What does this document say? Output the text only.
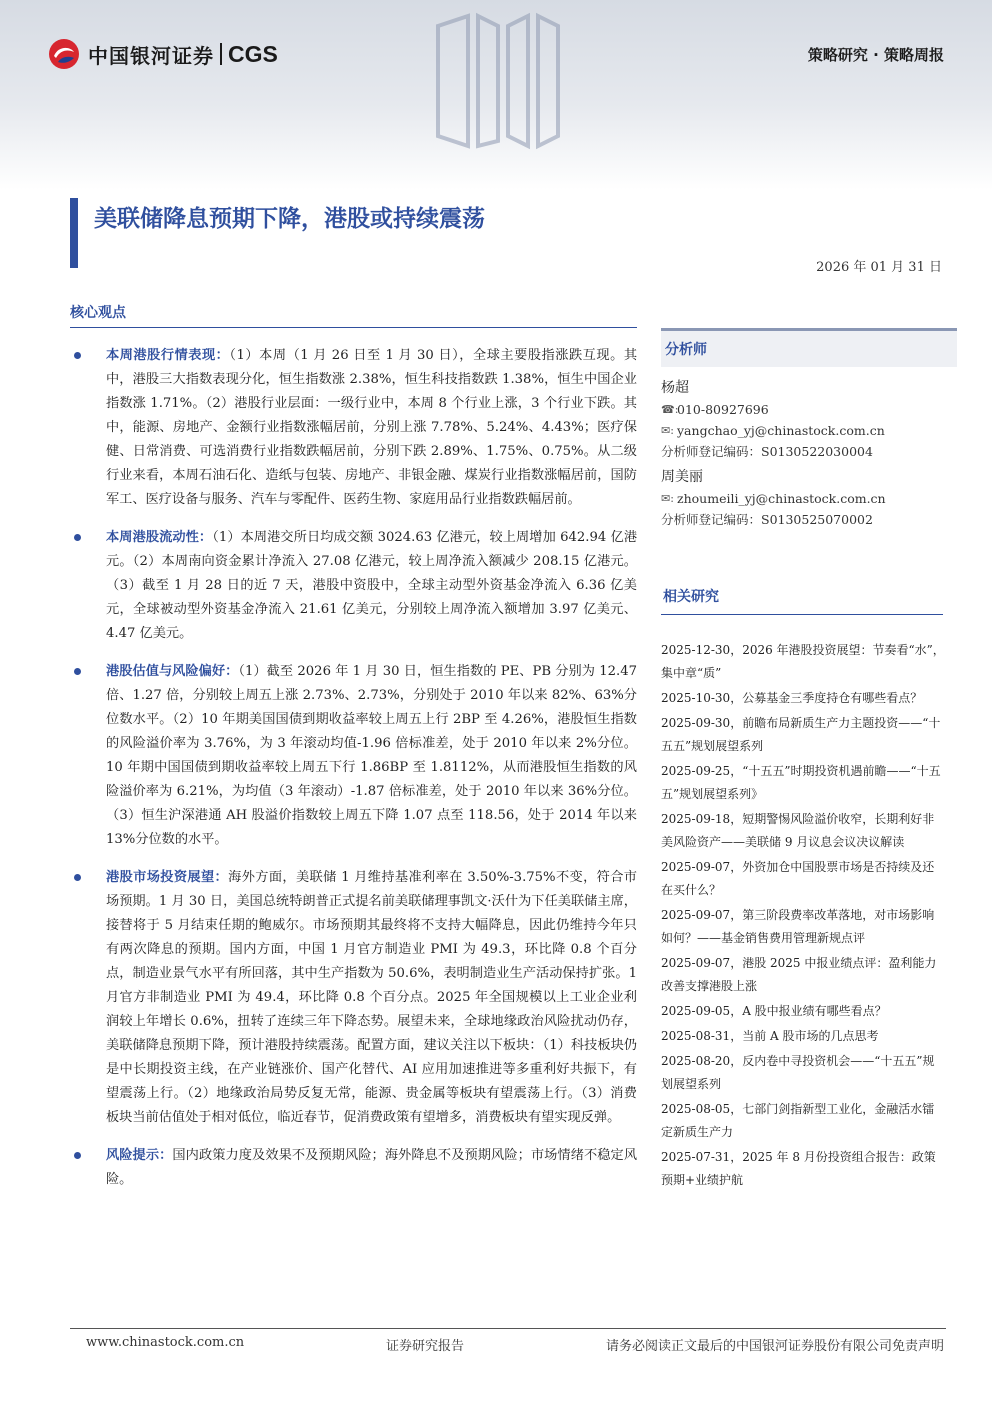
中国银河证券 CGS	策略研究 · 策略周报
美联储降息预期下降，港股或持续震荡
2026 年 01 月 31 日
核心观点
本周港股行情表现：（1）本周（1 月 26 日至 1 月 30 日），全球主要股指涨跌互现。其中，港股三大指数表现分化，恒生指数涨 2.38%，恒生科技指数跌 1.38%，恒生中国企业指数涨 1.71%。（2）港股行业层面：一级行业中，本周 8 个行业上涨，3 个行业下跌。其中，能源、房地产、金额行业指数涨幅居前，分别上涨 7.78%、5.24%、4.43%；医疗保健、日常消费、可选消费行业指数跌幅居前，分别下跌 2.89%、1.75%、0.75%。从二级行业来看，本周石油石化、造纸与包装、房地产、非银金融、煤炭行业指数涨幅居前，国防军工、医疗设备与服务、汽车与零配件、医药生物、家庭用品行业指数跌幅居前。
本周港股流动性：（1）本周港交所日均成交额 3024.63 亿港元，较上周增加 642.94 亿港元。（2）本周南向资金累计净流入 27.08 亿港元，较上周净流入额减少 208.15 亿港元。（3）截至 1 月 28 日的近 7 天，港股中资股中，全球主动型外资基金净流入 6.36 亿美元，全球被动型外资基金净流入 21.61 亿美元，分别较上周净流入额增加 3.97 亿美元、4.47 亿美元。
港股估值与风险偏好：（1）截至 2026 年 1 月 30 日，恒生指数的 PE、PB 分别为 12.47 倍、1.27 倍，分别较上周五上涨 2.73%、2.73%，分别处于 2010 年以来 82%、63%分位数水平。（2）10 年期美国国债到期收益率较上周五上行 2BP 至 4.26%，港股恒生指数的风险溢价率为 3.76%，为 3 年滚动均值-1.96 倍标准差，处于 2010 年以来 2%分位。10 年期中国国债到期收益率较上周五下行 1.86BP 至 1.8112%，从而港股恒生指数的风险溢价率为 6.21%，为均值（3 年滚动）-1.87 倍标准差，处于 2010 年以来 36%分位。（3）恒生沪深港通 AH 股溢价指数较上周五下降 1.07 点至 118.56，处于 2014 年以来 13%分位数的水平。
港股市场投资展望：海外方面，美联储 1 月维持基准利率在 3.50%-3.75%不变，符合市场预期。1 月 30 日，美国总统特朗普正式提名前美联储理事凯文·沃什为下任美联储主席，接替将于 5 月结束任期的鲍威尔。市场预期其最终将不支持大幅降息，因此仍维持今年只有两次降息的预期。国内方面，中国 1 月官方制造业 PMI 为 49.3，环比降 0.8 个百分点，制造业景气水平有所回落，其中生产指数为 50.6%，表明制造业生产活动保持扩张。1 月官方非制造业 PMI 为 49.4，环比降 0.8 个百分点。2025 年全国规模以上工业企业利润较上年增长 0.6%，扭转了连续三年下降态势。展望未来，全球地缘政治风险扰动仍存，美联储降息预期下降，预计港股持续震荡。配置方面，建议关注以下板块：（1）科技板块仍是中长期投资主线，在产业链涨价、国产化替代、AI 应用加速推进等多重利好共振下，有望震荡上行。（2）地缘政治局势反复无常，能源、贵金属等板块有望震荡上行。（3）消费板块当前估值处于相对低位，临近春节，促消费政策有望增多，消费板块有望实现反弹。
风险提示：国内政策力度及效果不及预期风险；海外降息不及预期风险；市场情绪不稳定风险。
分析师
杨超
☎:
010-80927696
✉: yangchao_yj@chinastock.com.cn
分析师登记编码：S0130522030004
周美丽
✉: zhoumeili_yj@chinastock.com.cn
分析师登记编码：S0130525070002
相关研究
2025-12-30，2026 年港股投资展望：节奏看“水”，集中章“质”
2025-10-30，公募基金三季度持仓有哪些看点？
2025-09-30，前瞻布局新质生产力主题投资——“十五五”规划展望系列
2025-09-25，“十五五”时期投资机遇前瞻——“十五五”规划展望系列》
2025-09-18，短期警惕风险溢价收窄，长期利好非美风险资产——美联储 9 月议息会议决议解读
2025-09-07，外资加仓中国股票市场是否持续及还在买什么？
2025-09-07，第三阶段费率改革落地，对市场影响如何？——基金销售费用管理新规点评
2025-09-07，港股 2025 中报业绩点评：盈利能力改善支撑港股上涨
2025-09-05，A 股中报业绩有哪些看点？
2025-08-31，当前 A 股市场的几点思考
2025-08-20，反内卷中寻投资机会——“十五五”规划展望系列
2025-08-05，七部门剑指新型工业化，金融活水镭定新质生产力
2025-07-31，2025 年 8 月份投资组合报告：政策预期+业绩护航
www.chinastock.com.cn	证券研究报告	请务必阅读正文最后的中国银河证券股份有限公司免责声明
